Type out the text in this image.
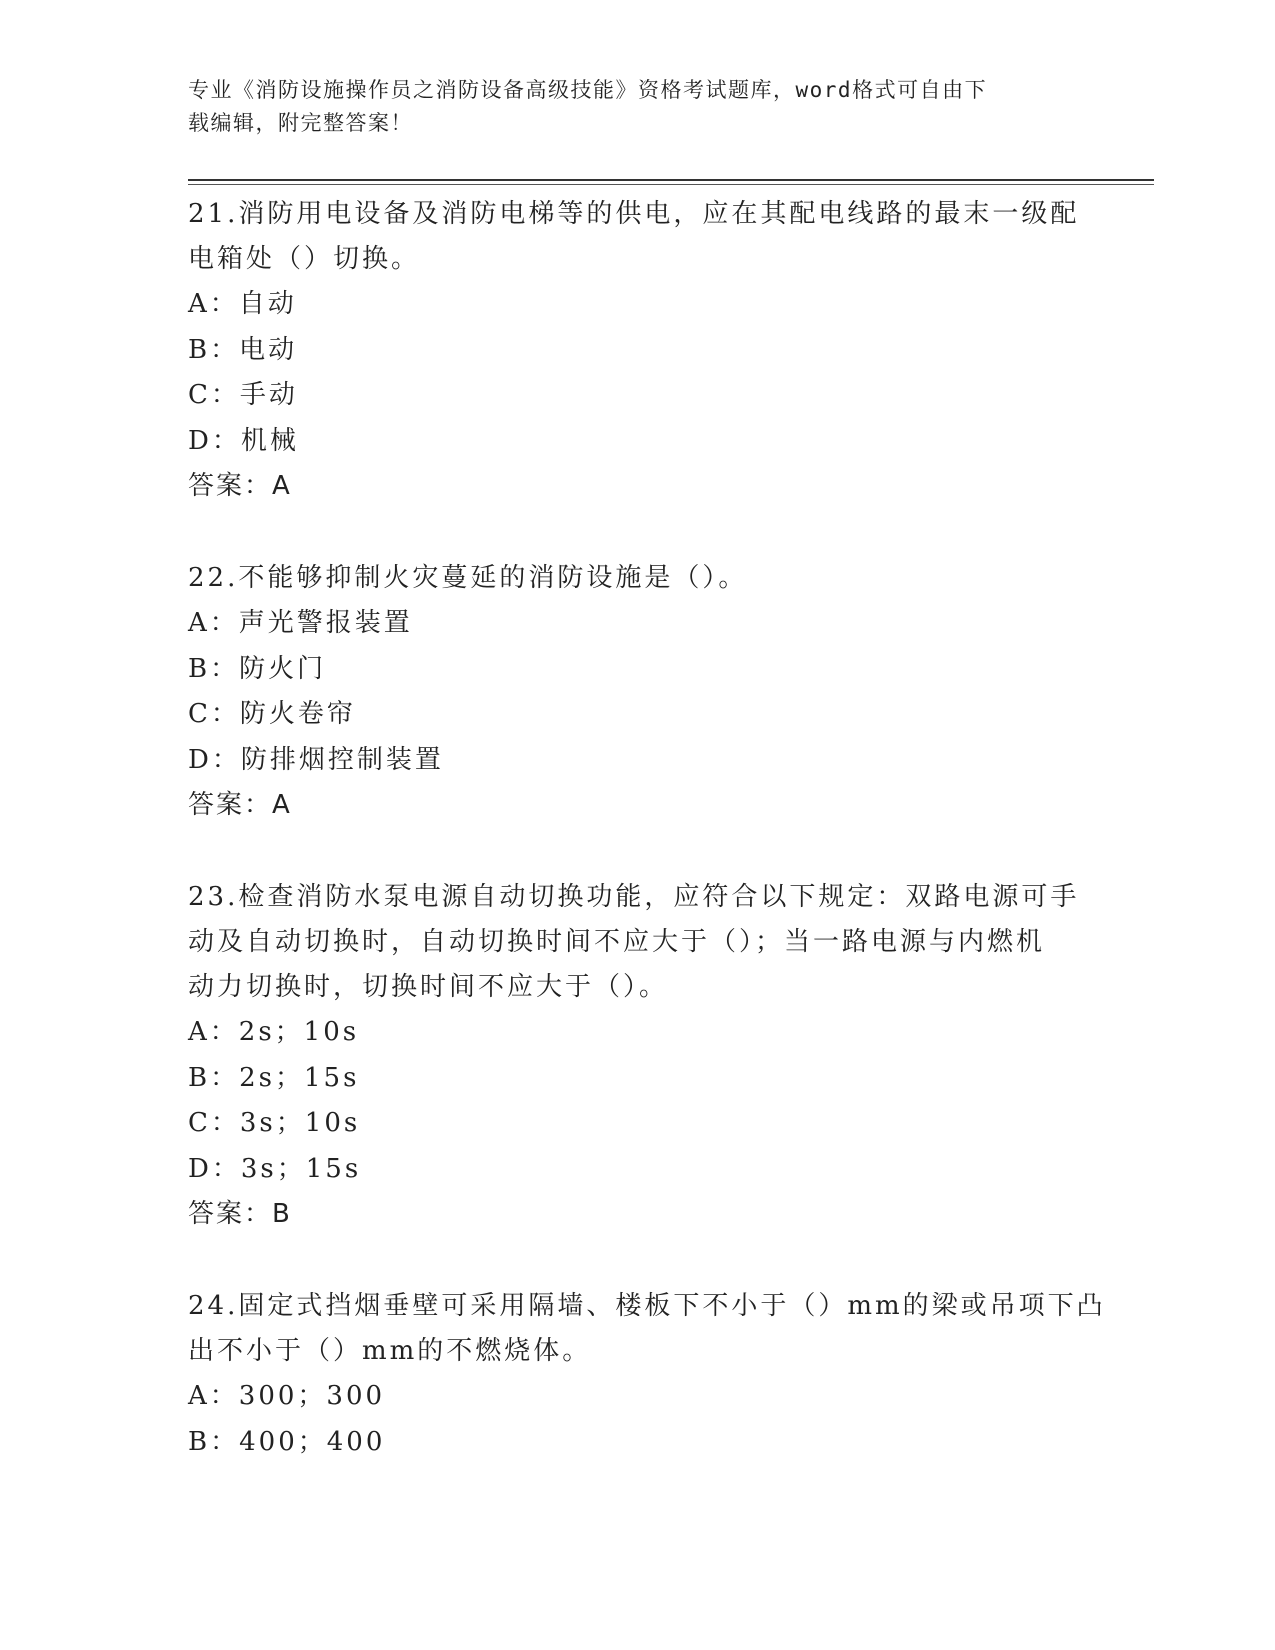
专业《消防设施操作员之消防设备高级技能》资格考试题库，word格式可自由下
载编辑，附完整答案！
21.消防用电设备及消防电梯等的供电，应在其配电线路的最末一级配
电箱处（）切换。
A：自动
B：电动
C：手动
D：机械
答案：A
22.不能够抑制火灾蔓延的消防设施是（）。
A：声光警报装置
B：防火门
C：防火卷帘
D：防排烟控制装置
答案：A
23.检查消防水泵电源自动切换功能，应符合以下规定：双路电源可手
动及自动切换时，自动切换时间不应大于（）；当一路电源与内燃机
动力切换时，切换时间不应大于（）。
A：2s；10s
B：2s；15s
C：3s；10s
D：3s；15s
答案：B
24.固定式挡烟垂壁可采用隔墙、楼板下不小于（）mm的梁或吊项下凸
出不小于（）mm的不燃烧体。
A：300；300
B：400；400
